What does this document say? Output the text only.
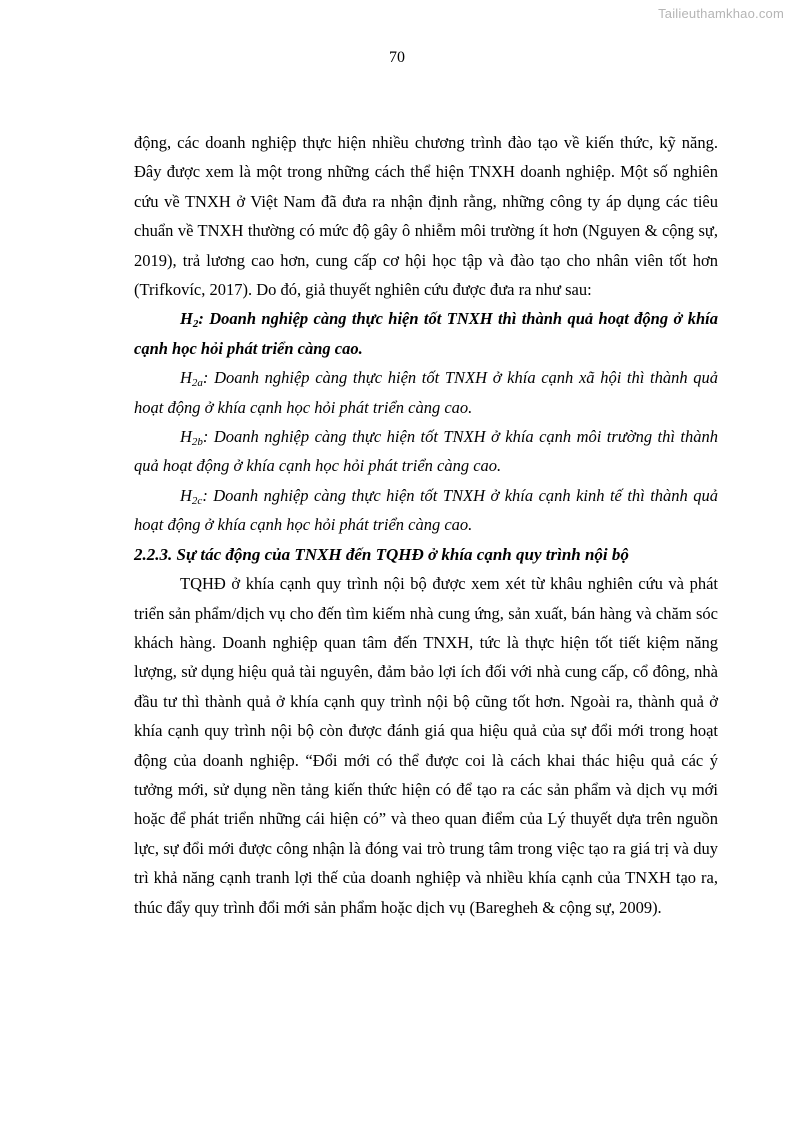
Tailieuthamkhao.com
70

động, các doanh nghiệp thực hiện nhiều chương trình đào tạo về kiến thức, kỹ năng. Đây được xem là một trong những cách thể hiện TNXH doanh nghiệp. Một số nghiên cứu về TNXH ở Việt Nam đã đưa ra nhận định rằng, những công ty áp dụng các tiêu chuẩn về TNXH thường có mức độ gây ô nhiễm môi trường ít hơn (Nguyen & cộng sự, 2019), trả lương cao hơn, cung cấp cơ hội học tập và đào tạo cho nhân viên tốt hơn (Trifkovíc, 2017). Do đó, giả thuyết nghiên cứu được đưa ra như sau:

$H_2$: Doanh nghiệp càng thực hiện tốt TNXH thì thành quả hoạt động ở khía cạnh học hỏi phát triển càng cao.

$H_{2a}$: Doanh nghiệp càng thực hiện tốt TNXH ở khía cạnh xã hội thì thành quả hoạt động ở khía cạnh học hỏi phát triển càng cao.

$H_{2b}$: Doanh nghiệp càng thực hiện tốt TNXH ở khía cạnh môi trường thì thành quả hoạt động ở khía cạnh học hỏi phát triển càng cao.

$H_{2c}$: Doanh nghiệp càng thực hiện tốt TNXH ở khía cạnh kinh tế thì thành quả hoạt động ở khía cạnh học hỏi phát triển càng cao.

2.2.3. Sự tác động của TNXH đến TQHĐ ở khía cạnh quy trình nội bộ

TQHĐ ở khía cạnh quy trình nội bộ được xem xét từ khâu nghiên cứu và phát triển sản phẩm/dịch vụ cho đến tìm kiếm nhà cung ứng, sản xuất, bán hàng và chăm sóc khách hàng. Doanh nghiệp quan tâm đến TNXH, tức là thực hiện tốt tiết kiệm năng lượng, sử dụng hiệu quả tài nguyên, đảm bảo lợi ích đối với nhà cung cấp, cổ đông, nhà đầu tư thì thành quả ở khía cạnh quy trình nội bộ cũng tốt hơn. Ngoài ra, thành quả ở khía cạnh quy trình nội bộ còn được đánh giá qua hiệu quả của sự đổi mới trong hoạt động của doanh nghiệp. “Đổi mới có thể được coi là cách khai thác hiệu quả các ý tưởng mới, sử dụng nền tảng kiến thức hiện có để tạo ra các sản phẩm và dịch vụ mới hoặc để phát triển những cái hiện có” và theo quan điểm của Lý thuyết dựa trên nguồn lực, sự đổi mới được công nhận là đóng vai trò trung tâm trong việc tạo ra giá trị và duy trì khả năng cạnh tranh lợi thế của doanh nghiệp và nhiều khía cạnh của TNXH tạo ra, thúc đẩy quy trình đổi mới sản phẩm hoặc dịch vụ (Baregheh & cộng sự, 2009).
